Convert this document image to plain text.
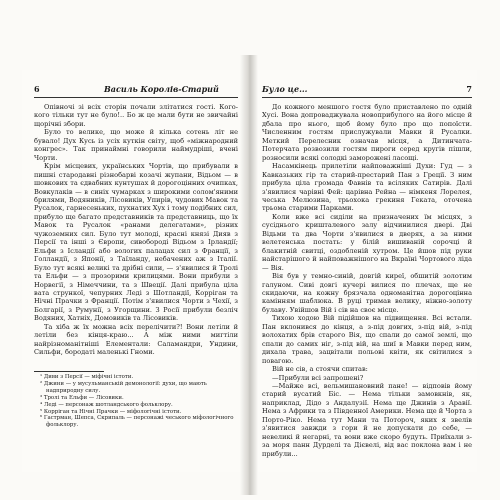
6	Василь Королів-Старий	Було це...	7

Опівночі зі всіх сторін почали злітатися гості. Кого-кого тільки тут не було!.. Бо ж це мали бути не звичайні щорічні збори.

Було то велике, що може й кілька сотень літ не бувало! Дух Кусь із усіх куткін світу, щоб «міжнародний конгрес». Так принаймні говорили наймудріші, вчені Чорти.

Крім місцевих, українських Чортів, що прибували в пишні стародавні різнобарві козачі жупани, Відьом — в шовкових та єдвабних кунтушах й дорогоцінних очипках, Вовкулаків — в синіх чумарках з широкими солом'яними брилями, Водяників, Лісовиків, Упирів, чудових Мавок та Русалок, гарнесеньких, пухнатих Хух і тому подібних сил, прибуло ще багато представників та представниць, що їх Мавок та Русалок «ранами делегатами», різних чужоземних сил. Було тут молоді, красні князі Дияв з Персії та інші з Європи, сивобороді Відьом з Ірландії; Ельфи з Ісландії або вологих палацах сил з Франції, з Голландії, з Японії, з Таїланду, небачених аж з Італії. Було тут всякі великі та дрібні сили, — з'явилися й Тролі та Ельфи — з прозорими крилицями. Вони прибули з Норвегії, з Німеччини, та з Швеції. Далі прибула ціла вата стрункої, чепурних Ледi з Шотландії, Корріган та Нічні Прачки з Франції. Потім з'явилися Чорти з Чехії, з Болгарії, з Румунії, з Угорщини. З Росії прибули безліч Водяних, Хатніх, Домовиків та Лісовиків.

Та хіба ж їх можна всіх перелічити?! Вони летіли й летіли без кінця-краю... А між ними мигтіли найрізноманітніші Елементали: Саламандри, Ундини, Сильфи, бородаті маленькі Гноми.

¹ Диви з Персії — міфічні істоти.
² Джини — у мусульманській демонології: духи, що мають надприродну силу.
³ Тролі та Ельфи — Лісовики.
⁴ Ледi — персонаж шотландського фольклору.
⁵ Корріган та Нічні Прачки — міфологічні істоти.
⁶ Гастрман, Шепса, Скрипаль — персонажі чеського міфологічного фольклору.

До кожного меншого гостя було приставлено по одній Хусі. Вона допроваджувала новоприбулого на його місце й дбала про нього, щоб йому було про що попоїсти. Численним гостям прислужували Мавки й Русалки. Меткий Перелесник означав місця, а Дитинчата-Потерчата розвозили гостям пироги серед кругів пішли, розносили всякі солодкі заморожені ласощі.

Насамкінець прилетіли найповажніші Духи: Гуд — з Кавказьких гір та старий-престарий Пан з Греції. З ним прибула ціла громада Фавнів та всіляких Сатирів. Далі з'явилися чарівні Фей: царівна Рейна — німкеня Лорелея, чеська Мелюзина, трьохока грекиня Геката, оточена трьома старими Парками.

Коли вже всі сиділи на призначених їм місцях, з сусіднього кришталевого залу відчинилися двері. Дві Відьми та два Чорти з'явилися в дверях, а за ними велетенська постать: у білій вишиваній сорочці й блакитній свитці, оздобленій хутром. Це йшов під руки найстарішого й найповажнішого на Вкраїні Чортового ліда — Вія.

Вія був у темно-синій, довгій киреї, обшитій золотим галуном. Сиві довгі кучері вилися по плечах, ще не скидаючи, на кожну брязчала одноманітна дорогоцінна камінням шаблюка. В руці тримав велику, ніжно-золоту булаву. Увійшов Вій і сів на своє місце.

Тихою ходою Вій підійшов на підвищення. Всі встали. Пан вклонився до кінця, а з-під довгих, з-під вій, з-під волохатих брів старого Вія, що спали до самої землі, що спали до самих ніг, з-під вій, на шиї в Мавки перед ним, дихала трава, зацвітали польові квіти, як світилися з повагою.

Вій не сів, а стоячи спитав:

—Прибули всі запрошені?

—Майже всі, вельмишановний пане! — відповів йому старий вусатий Біс. — Нема тільки замовкнів, як, наприклад, Дідо з Андалузії. Нема ще Джинів з Аравії. Нема з Африки та з Південної Америки. Нема ще й Чорта з Порто-Ріко. Нема тут Мани та Потороч, яких я звелів з'явитися завжди з гори й не допускати до себе, — невеликі й негарні, та вони вже скоро будуть. Приїхали з-за моря панн Дурделі та Дієвелі, від вас поклона вам і не прибули...
